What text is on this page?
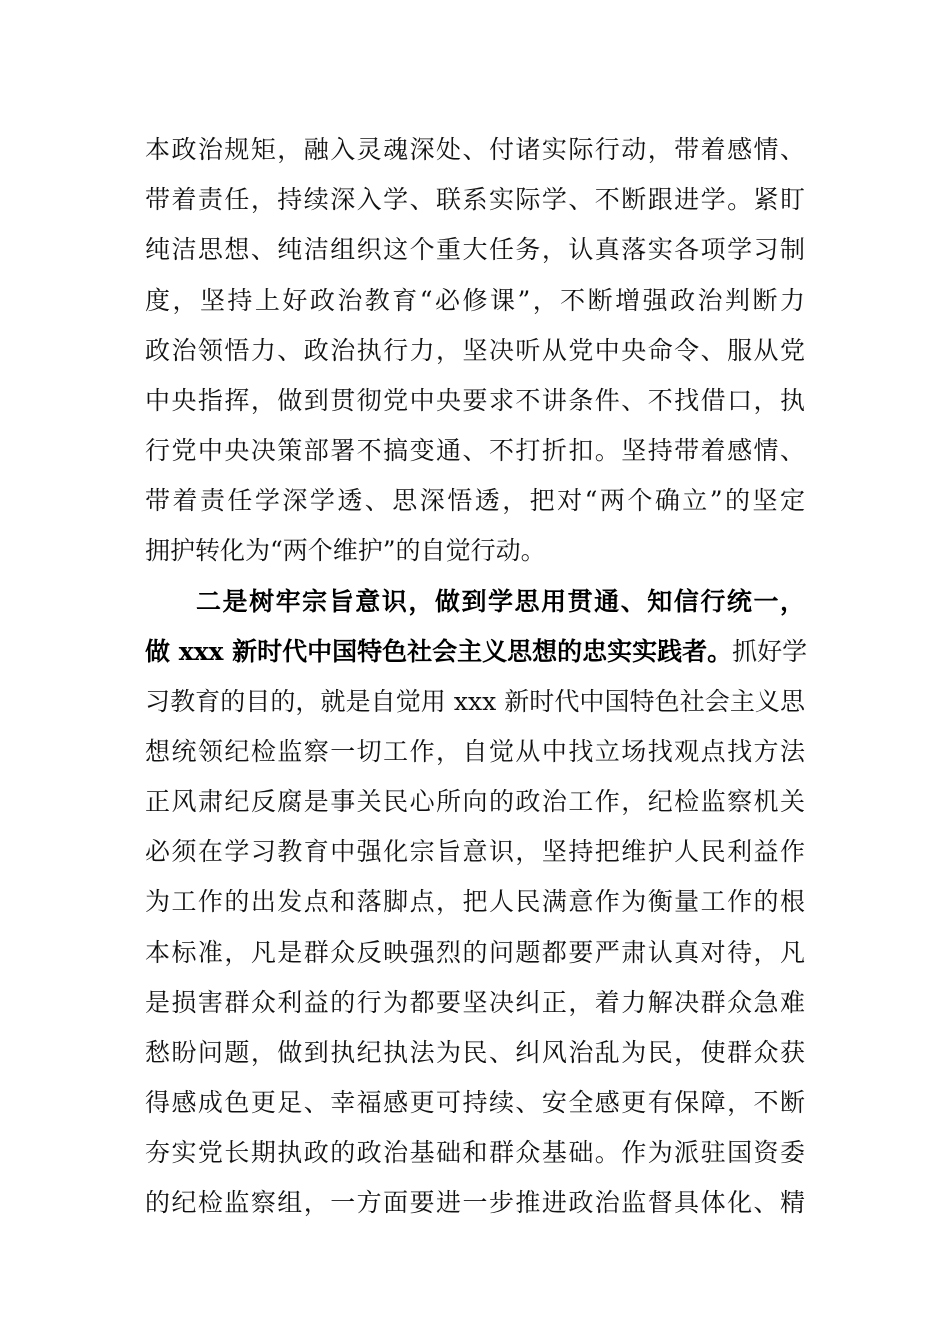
本政治规矩，融入灵魂深处、付诸实际行动，带着感情、
带着责任，持续深入学、联系实际学、不断跟进学。紧盯
纯洁思想、纯洁组织这个重大任务，认真落实各项学习制
度，坚持上好政治教育“必修课”，不断增强政治判断力
政治领悟力、政治执行力，坚决听从党中央命令、服从党
中央指挥，做到贯彻党中央要求不讲条件、不找借口，执
行党中央决策部署不搞变通、不打折扣。坚持带着感情、
带着责任学深学透、思深悟透，把对“两个确立”的坚定
拥护转化为“两个维护”的自觉行动。
二是树牢宗旨意识，做到学思用贯通、知信行统一，
做 xxx 新时代中国特色社会主义思想的忠实实践者。抓好学
习教育的目的，就是自觉用 xxx 新时代中国特色社会主义思
想统领纪检监察一切工作，自觉从中找立场找观点找方法
正风肃纪反腐是事关民心所向的政治工作，纪检监察机关
必须在学习教育中强化宗旨意识，坚持把维护人民利益作
为工作的出发点和落脚点，把人民满意作为衡量工作的根
本标准，凡是群众反映强烈的问题都要严肃认真对待，凡
是损害群众利益的行为都要坚决纠正，着力解决群众急难
愁盼问题，做到执纪执法为民、纠风治乱为民，使群众获
得感成色更足、幸福感更可持续、安全感更有保障，不断
夯实党长期执政的政治基础和群众基础。作为派驻国资委
的纪检监察组，一方面要进一步推进政治监督具体化、精
